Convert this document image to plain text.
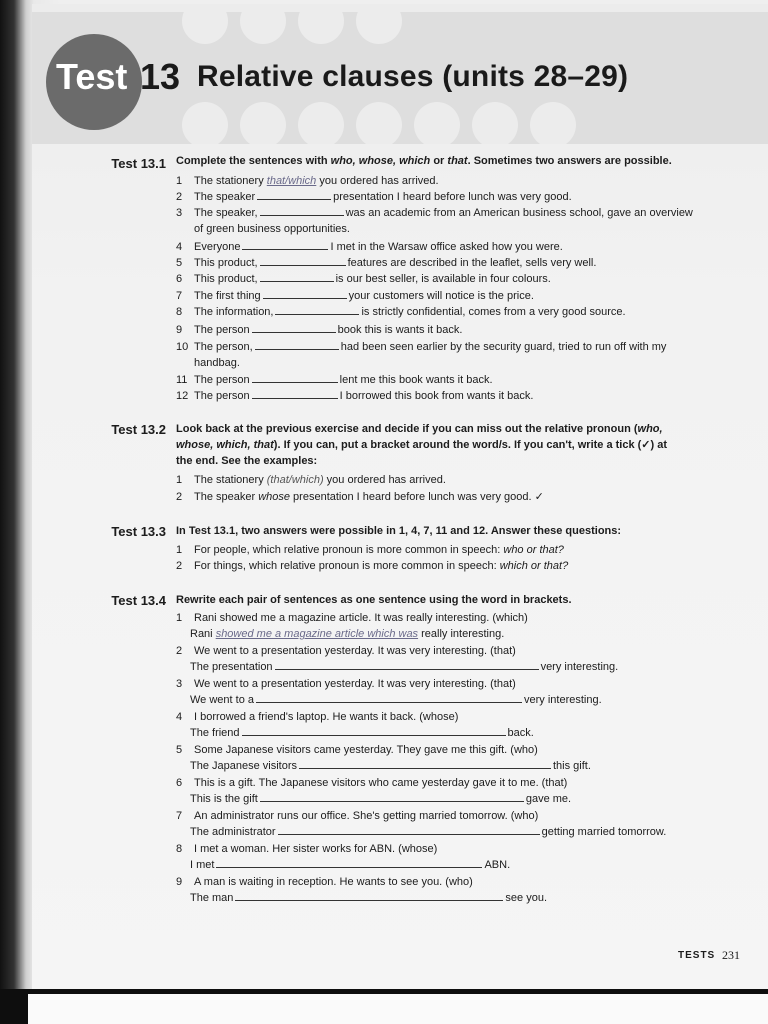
Test 13 Relative clauses (units 28–29)
Test 13.1 Complete the sentences with who, whose, which or that. Sometimes two answers are possible.
1 The stationery that/which you ordered has arrived.
2 The speaker	presentation I heard before lunch was very good.
3 The speaker,	was an academic from an American business school, gave an overview
of green business opportunities.
4 Everyone	I met in the Warsaw office asked how you were.
5 This product,	features are described in the leaflet, sells very well.
6 This product,	is our best seller, is available in four colours.
7 The first thing	your customers will notice is the price.
8 The information,	is strictly confidential, comes from a very good source.
9 The person	book this is wants it back.
10 The person,	had been seen earlier by the security guard, tried to run off with my
handbag.
11 The person	lent me this book wants it back.
12 The person	I borrowed this book from wants it back.
Test 13.2 Look back at the previous exercise and decide if you can miss out the relative pronoun (who,
whose, which, that). If you can, put a bracket around the word/s. If you can't, write a tick (✓) at
the end. See the examples:
1 The stationery (that/which) you ordered has arrived.
2 The speaker whose presentation I heard before lunch was very good. ✓
Test 13.3 In Test 13.1, two answers were possible in 1, 4, 7, 11 and 12. Answer these questions:
1 For people, which relative pronoun is more common in speech: who or that?
2 For things, which relative pronoun is more common in speech: which or that?
Test 13.4 Rewrite each pair of sentences as one sentence using the word in brackets.
1 Rani showed me a magazine article. It was really interesting. (which)
Rani showed me a magazine article which was really interesting.
2 We went to a presentation yesterday. It was very interesting. (that)
The presentation	very interesting.
3 We went to a presentation yesterday. It was very interesting. (that)
We went to a	very interesting.
4 I borrowed a friend's laptop. He wants it back. (whose)
The friend	back.
5 Some Japanese visitors came yesterday. They gave me this gift. (who)
The Japanese visitors	this gift.
6 This is a gift. The Japanese visitors who came yesterday gave it to me. (that)
This is the gift	gave me.
7 An administrator runs our office. She's getting married tomorrow. (who)
The administrator	getting married tomorrow.
8 I met a woman. Her sister works for ABN. (whose)
I met	ABN.
9 A man is waiting in reception. He wants to see you. (who)
The man	see you.
TESTS 231
